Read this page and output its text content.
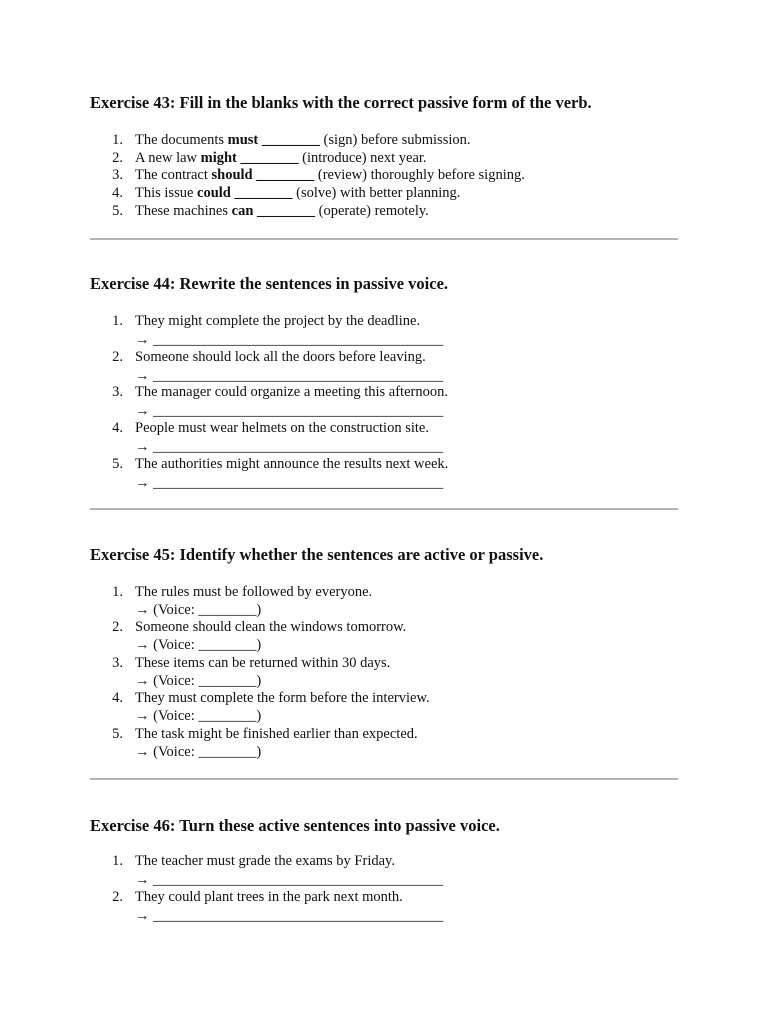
Exercise 43: Fill in the blanks with the correct passive form of the verb.
1. The documents must ________ (sign) before submission.
2. A new law might ________ (introduce) next year.
3. The contract should ________ (review) thoroughly before signing.
4. This issue could ________ (solve) with better planning.
5. These machines can ________ (operate) remotely.
Exercise 44: Rewrite the sentences in passive voice.
1. They might complete the project by the deadline.
→ ________________________________________
2. Someone should lock all the doors before leaving.
→ ________________________________________
3. The manager could organize a meeting this afternoon.
→ ________________________________________
4. People must wear helmets on the construction site.
→ ________________________________________
5. The authorities might announce the results next week.
→ ________________________________________
Exercise 45: Identify whether the sentences are active or passive.
1. The rules must be followed by everyone.
→ (Voice: ________)
2. Someone should clean the windows tomorrow.
→ (Voice: ________)
3. These items can be returned within 30 days.
→ (Voice: ________)
4. They must complete the form before the interview.
→ (Voice: ________)
5. The task might be finished earlier than expected.
→ (Voice: ________)
Exercise 46: Turn these active sentences into passive voice.
1. The teacher must grade the exams by Friday.
→ ________________________________________
2. They could plant trees in the park next month.
→ ________________________________________
